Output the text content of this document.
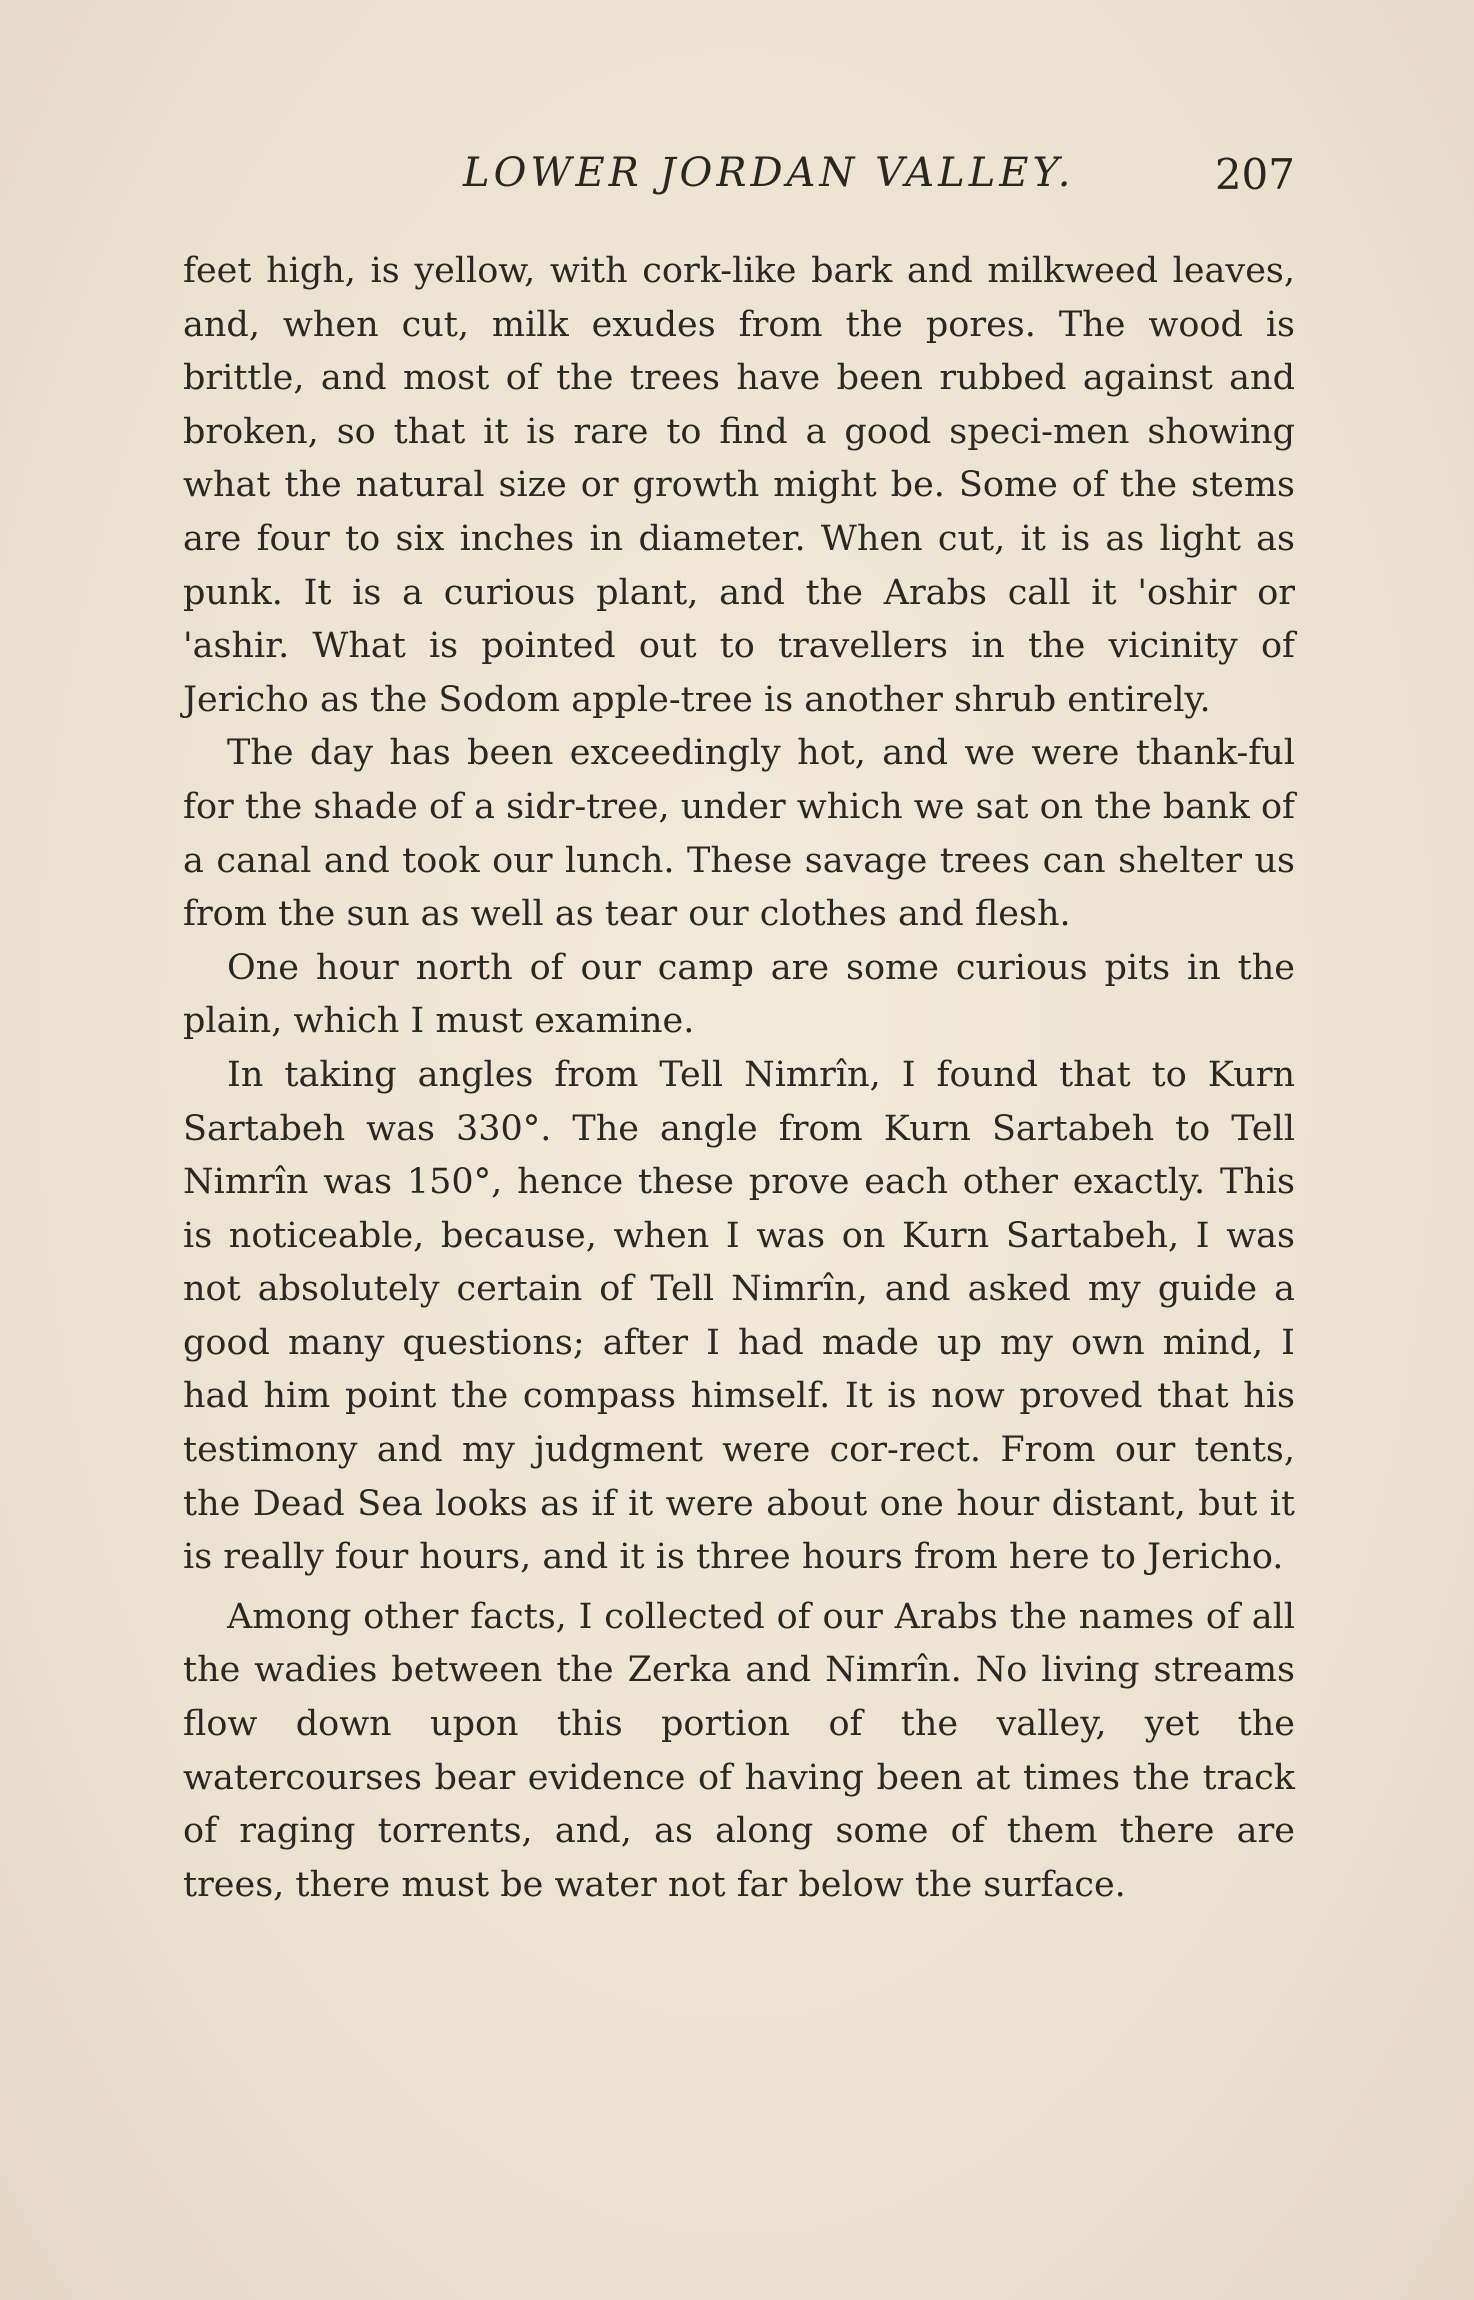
LOWER JORDAN VALLEY.	207

feet high, is yellow, with cork-like bark and milkweed leaves, and, when cut, milk exudes from the pores. The wood is brittle, and most of the trees have been rubbed against and broken, so that it is rare to find a good speci-men showing what the natural size or growth might be. Some of the stems are four to six inches in diameter. When cut, it is as light as punk. It is a curious plant, and the Arabs call it 'oshir or 'ashir. What is pointed out to travellers in the vicinity of Jericho as the Sodom apple-tree is another shrub entirely.

The day has been exceedingly hot, and we were thank-ful for the shade of a sidr-tree, under which we sat on the bank of a canal and took our lunch. These savage trees can shelter us from the sun as well as tear our clothes and flesh.

One hour north of our camp are some curious pits in the plain, which I must examine.

In taking angles from Tell Nimrîn, I found that to Kurn Sartabeh was 330°. The angle from Kurn Sartabeh to Tell Nimrîn was 150°, hence these prove each other exactly. This is noticeable, because, when I was on Kurn Sartabeh, I was not absolutely certain of Tell Nimrîn, and asked my guide a good many questions; after I had made up my own mind, I had him point the compass himself. It is now proved that his testimony and my judgment were cor-rect. From our tents, the Dead Sea looks as if it were about one hour distant, but it is really four hours, and it is three hours from here to Jericho.

Among other facts, I collected of our Arabs the names of all the wadies between the Zerka and Nimrîn. No living streams flow down upon this portion of the valley, yet the watercourses bear evidence of having been at times the track of raging torrents, and, as along some of them there are trees, there must be water not far below the surface.
